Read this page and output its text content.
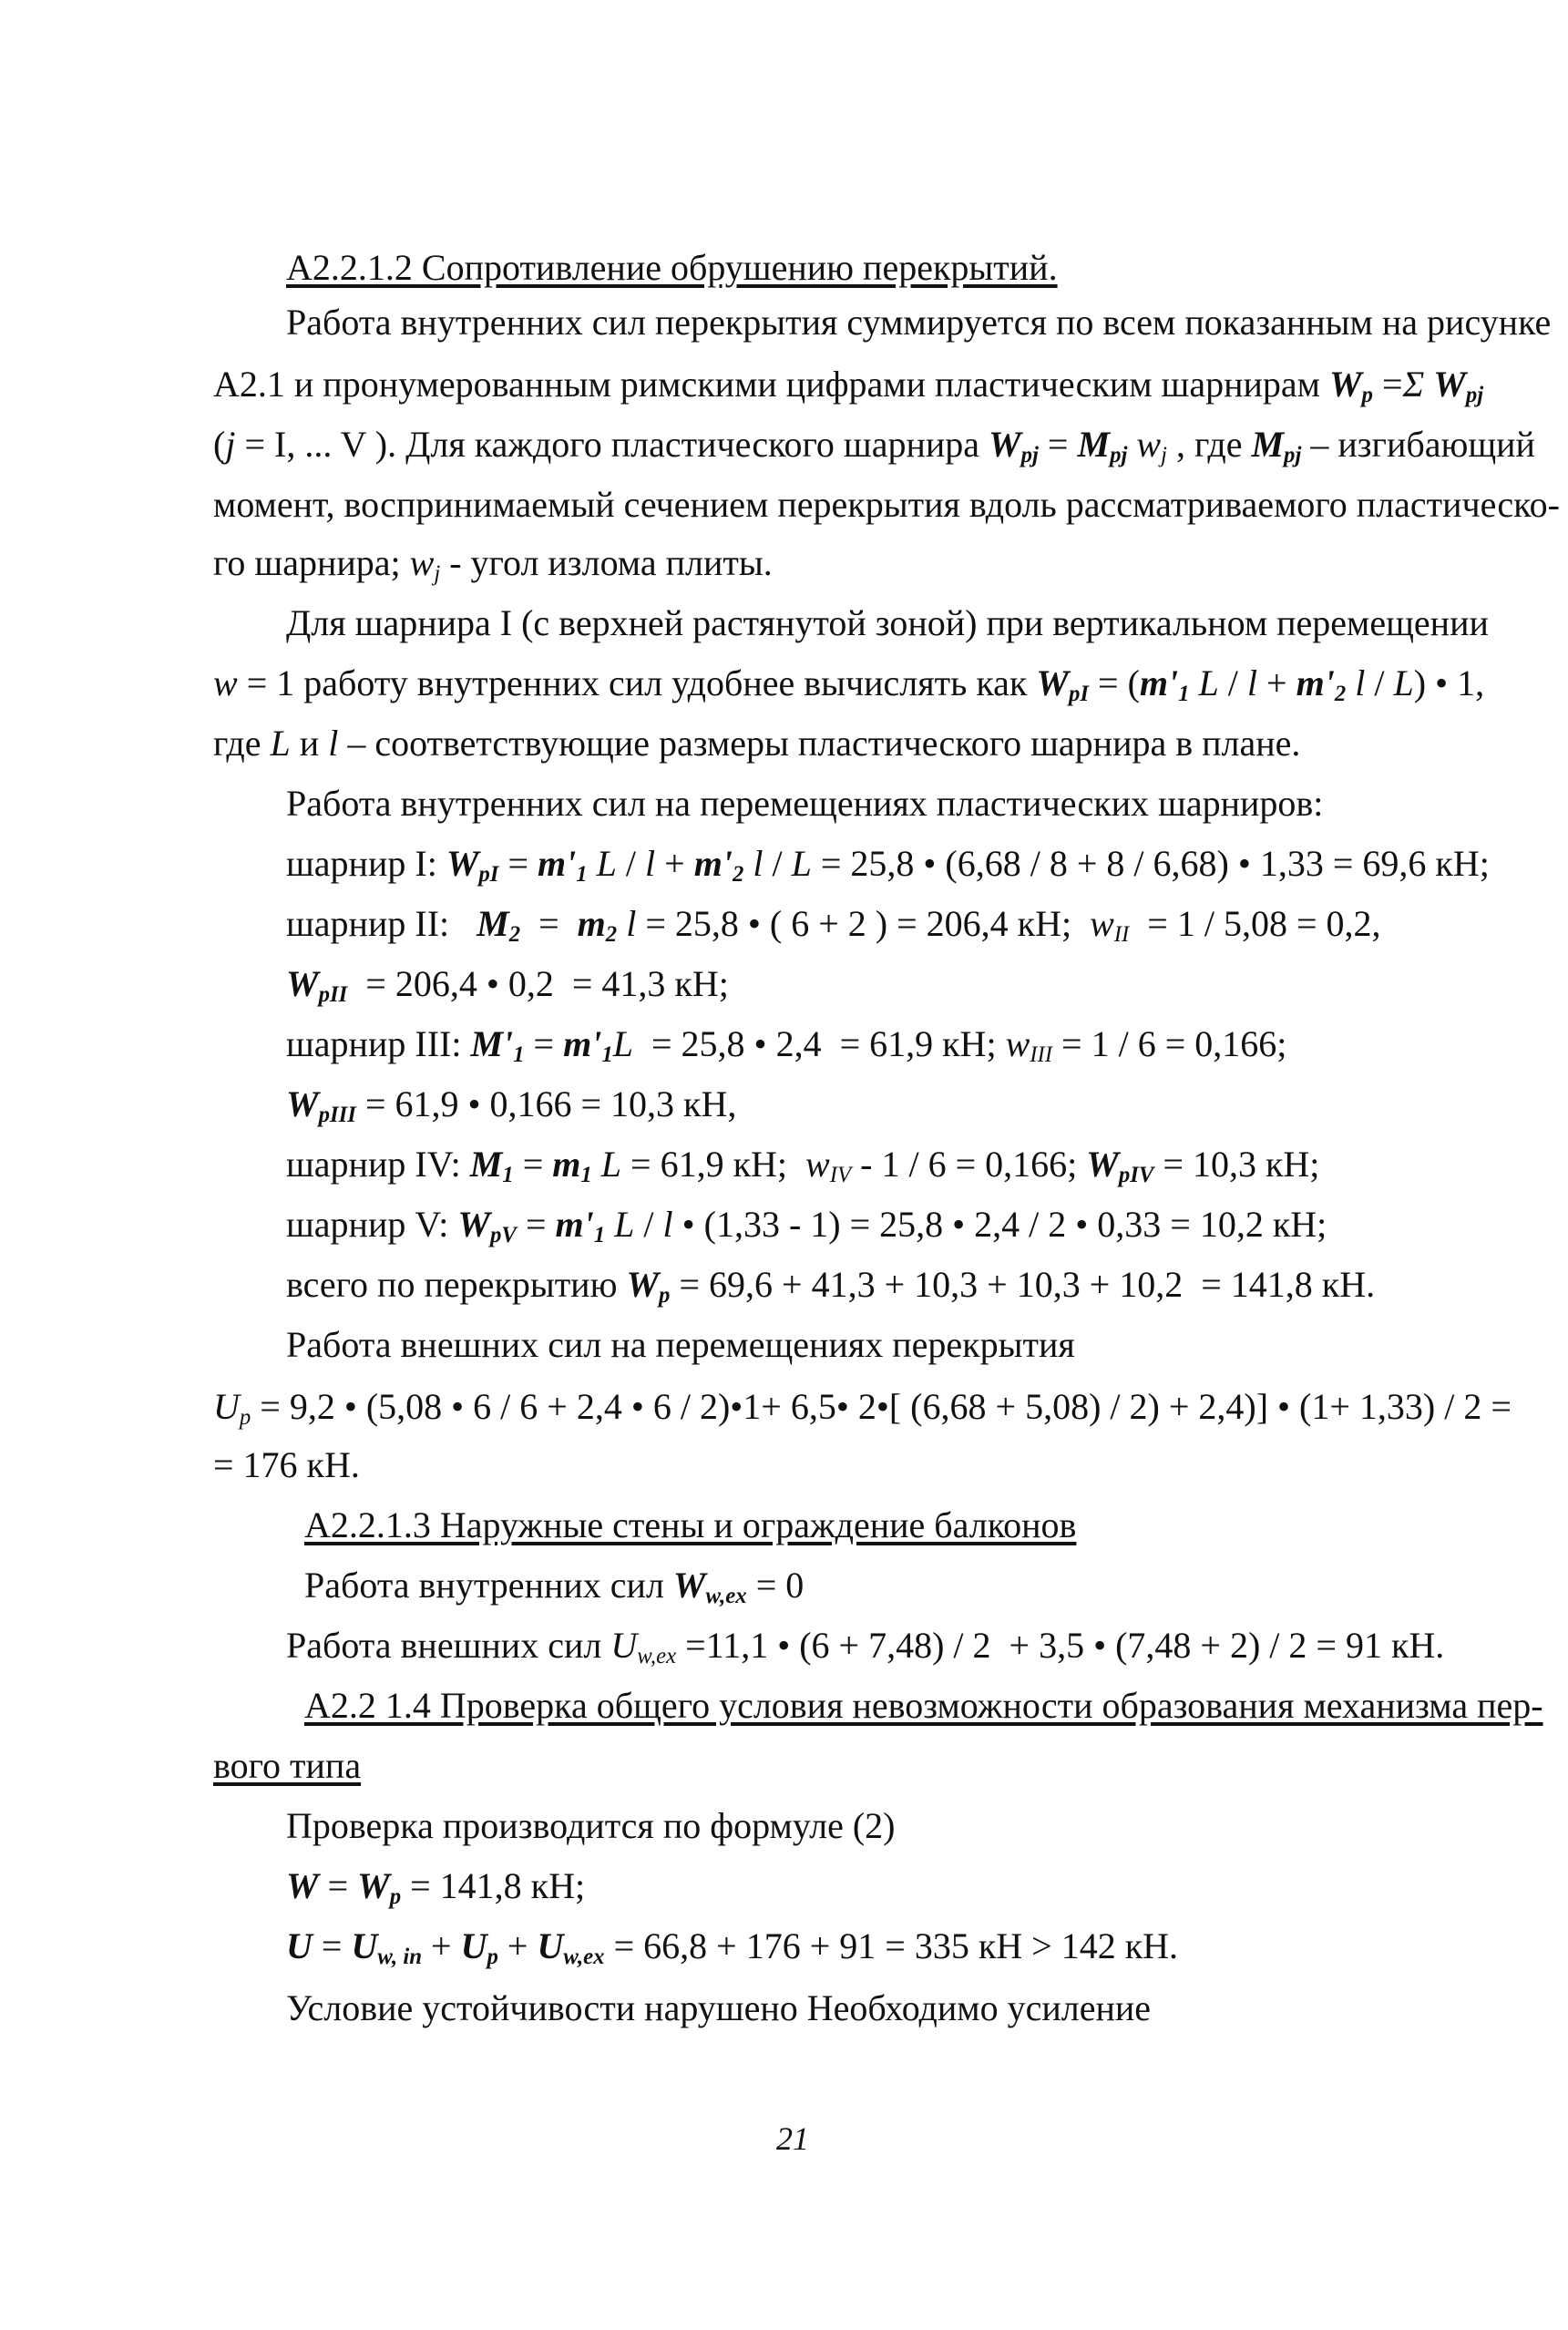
А2.2.1.2 Сопротивление обрушению перекрытий.
Работа внутренних сил перекрытия суммируется по всем показанным на рисунке
А2.1 и пронумерованным римскими цифрами пластическим шарнирам $W_p =\Sigma$ $W_{pj}$
(j = I, ... V ). Для каждого пластического шарнира $W_{pj} = M_{pj}$ $w_j$ , где $M_{pj}$ – изгибающий
момент, воспринимаемый сечением перекрытия вдоль рассматриваемого пластическо-
го шарнира; $w_j$ - угол излома плиты.
Для шарнира I (с верхней растянутой зоной) при вертикальном перемещении
w = 1 работу внутренних сил удобнее вычислять как $W_{pI} = (m'_1$ $L / l + m'_2$ l / L) • 1,
где L и l – соответствующие размеры пластического шарнира в плане.
Работа внутренних сил на перемещениях пластических шарниров:
шарнир I: $W_{pI} = m'_1$ $L / l + m'_2$ l / L = 25,8 • (6,68 / 8 + 8 / 6,68) • 1,33 = 69,6 кН;
шарнир II:   $M_2 = m_2$ l = 25,8 • ( 6 + 2 ) = 206,4 кН;  $w_{II} = 1 / 5,08 = 0,2$,
$W_{pII} = 206,4$ • 0,2  = 41,3 кН;
шарнир III: $M'_1 = m'_1L = 25,8$ • 2,4  = 61,9 кН; $w_{III} = 1 / 6 = 0,166$;
$W_{pIII} = 61,9$ • 0,166 = 10,3 кН,
шарнир IV: $M_1 = m_1$ L = 61,9 кН;  $w_{IV} - 1 / 6 = 0,166$; $W_{pIV} = 10,3$ кН;
шарнир V: $W_{pV} = m'_1$ L / l • (1,33 - 1) = 25,8 • 2,4 / 2 • 0,33 = 10,2 кН;
всего по перекрытию $W_p = 69,6 + 41,3 + 10,3 + 10,3 + 10,2 = 141,8$ кН.
Работа внешних сил на перемещениях перекрытия
$U_p = 9,2$ • (5,08 • 6 / 6 + 2,4 • 6 / 2)•1+ 6,5• 2•[ (6,68 + 5,08) / 2) + 2,4)] • (1+ 1,33) / 2 =
= 176 кН.
А2.2.1.3 Наружные стены и ограждение балконов
Работа внутренних сил $W_{w,ex} = 0$
Работа внешних сил $U_{w,ex} =11,1$ • (6 + 7,48) / 2  + 3,5 • (7,48 + 2) / 2 = 91 кН.
А2.2 1.4 Проверка общего условия невозможности образования механизма пер-
вого типа
Проверка производится по формуле (2)
$W = W_p = 141,8$ кН;
$U = U_{w, in} + U_p + U_{w,ex} = 66,8 + 176 + 91 = 335$ кН > 142 кН.
Условие устойчивости нарушено Необходимо усиление
21
